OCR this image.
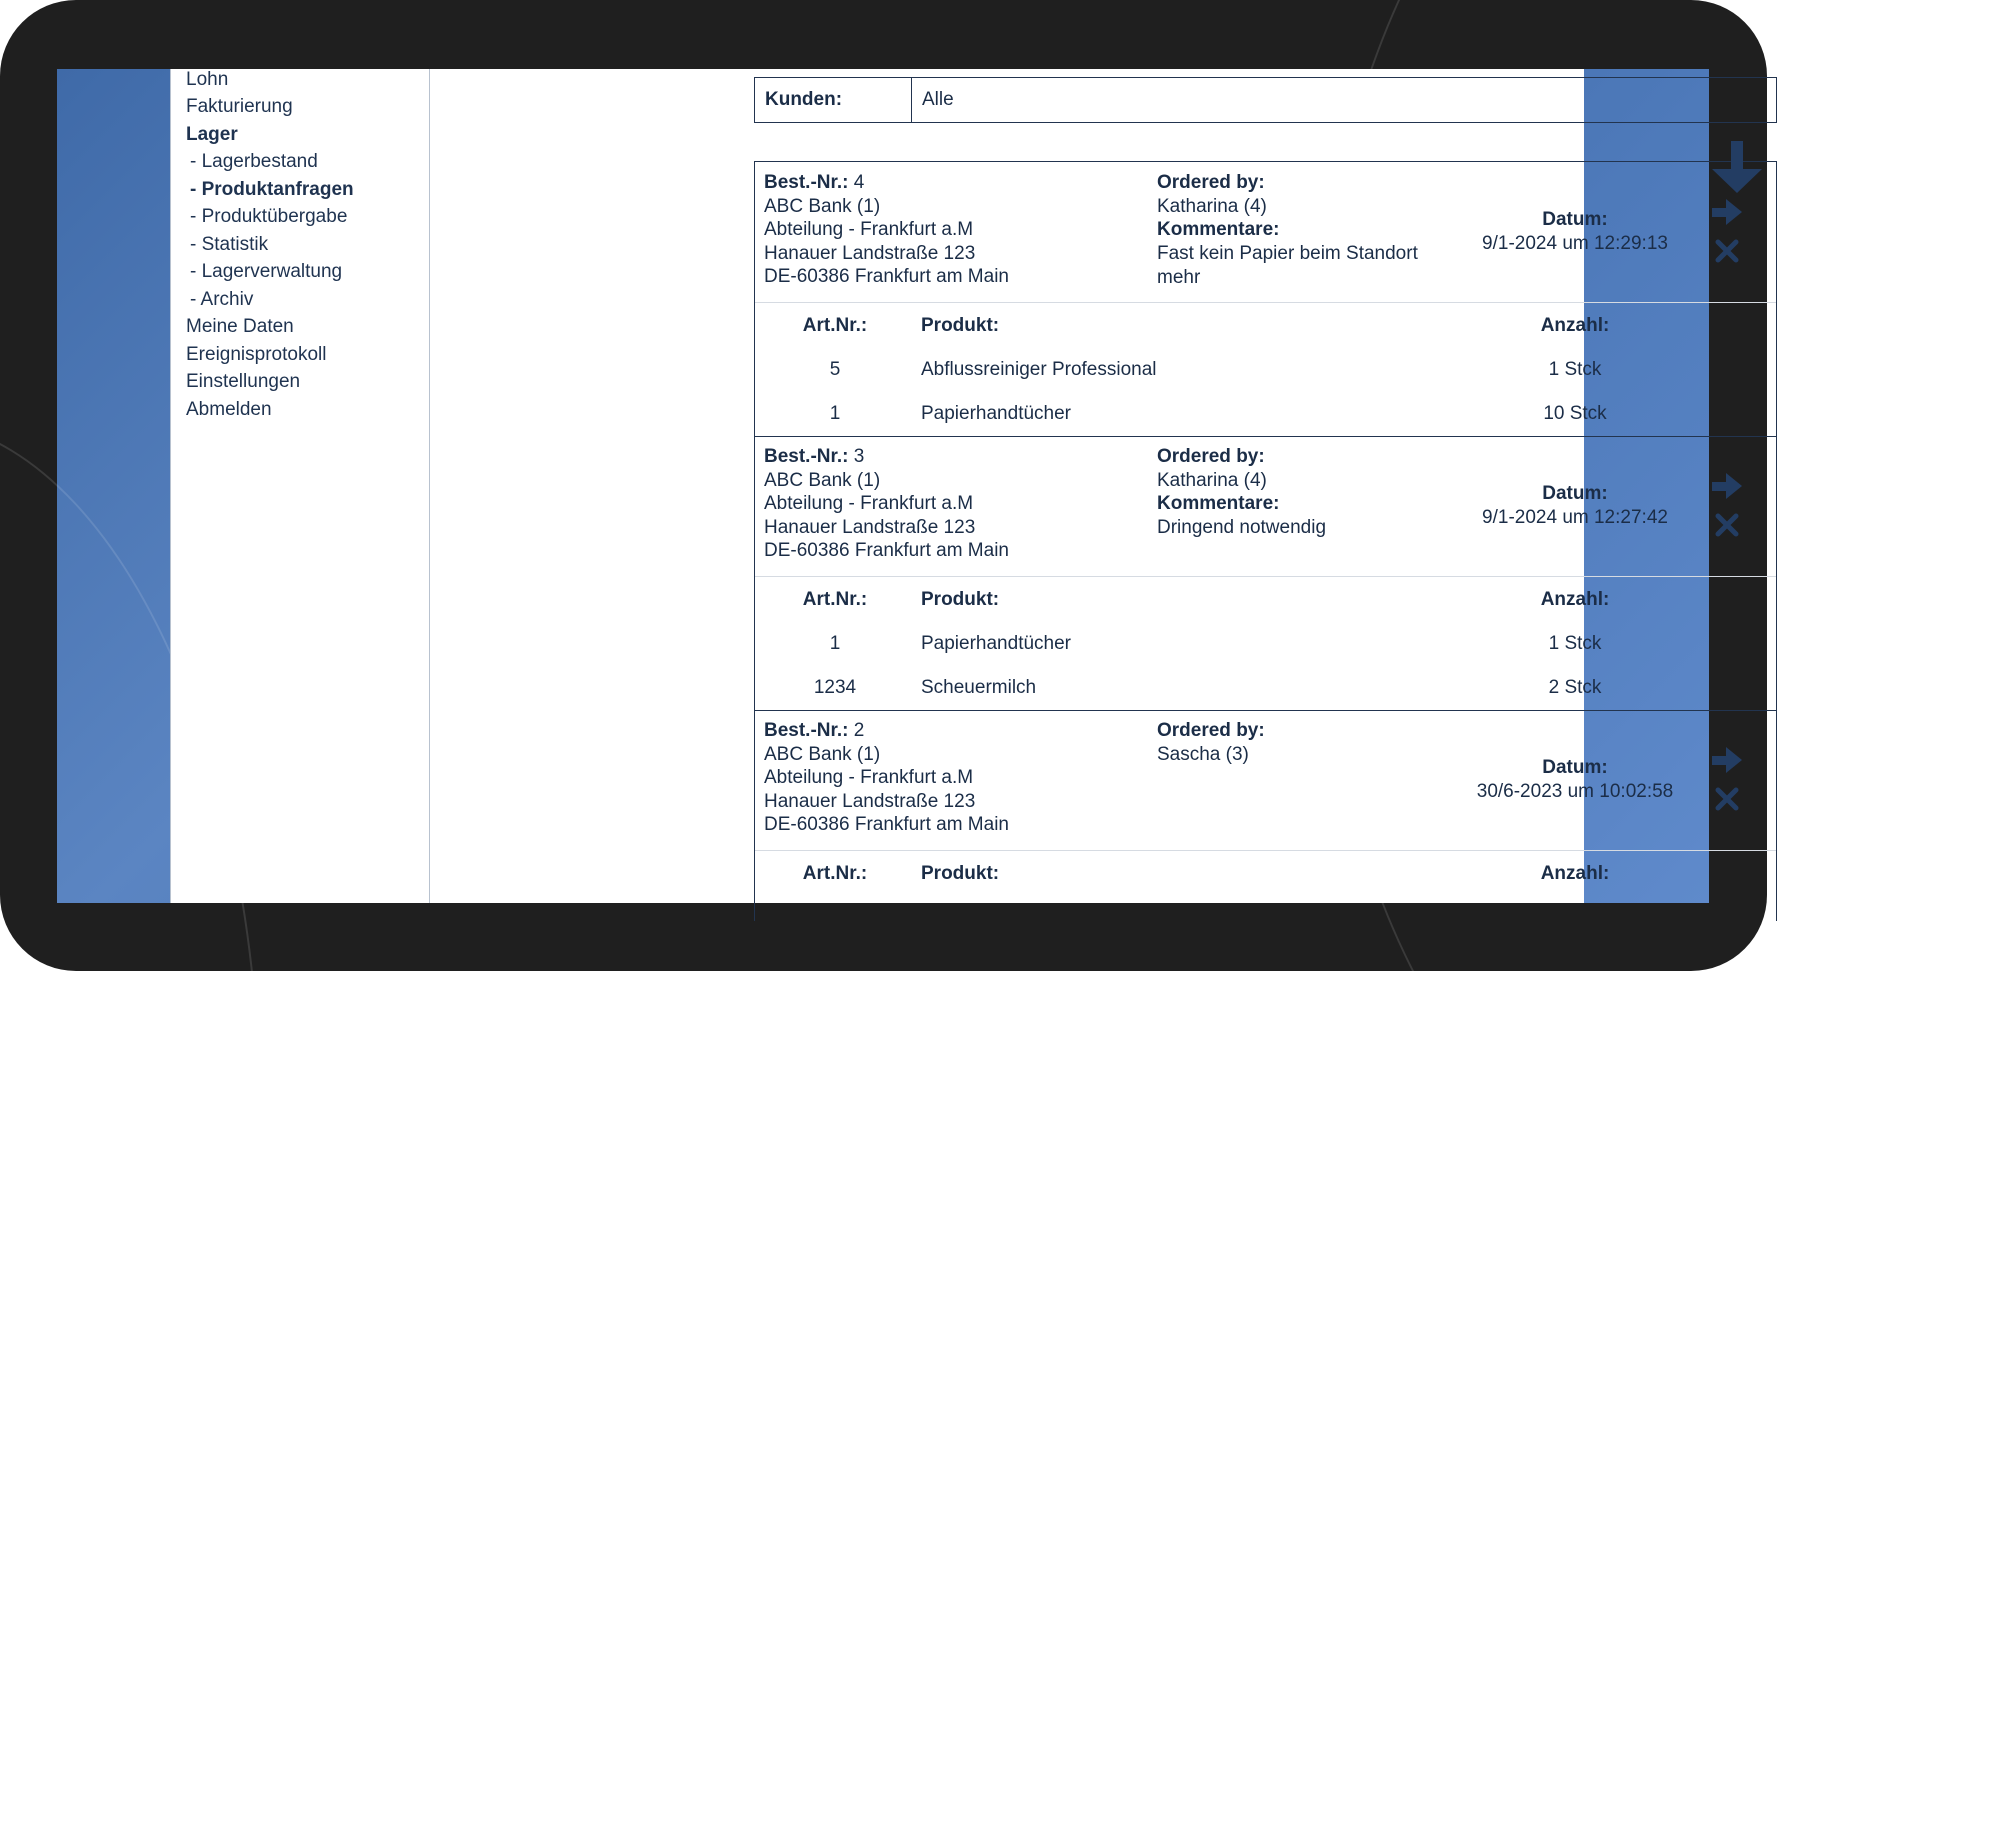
Lohn
Fakturierung
Lager
- Lagerbestand
- Produktanfragen
- Produktübergabe
- Statistik
- Lagerverwaltung
- Archiv
Meine Daten
Ereignisprotokoll
Einstellungen
Abmelden
Kunden:	Alle
Best.-Nr.: 4
ABC Bank (1)
Abteilung - Frankfurt a.M
Hanauer Landstraße 123
DE-60386 Frankfurt am Main
Ordered by:
Katharina (4)
Kommentare:
Fast kein Papier beim Standort
mehr
Datum:
9/1-2024 um 12:29:13
Art.Nr.:	Produkt:	Anzahl:
5	Abflussreiniger Professional	1 Stck
1	Papierhandtücher	10 Stck
Best.-Nr.: 3
ABC Bank (1)
Abteilung - Frankfurt a.M
Hanauer Landstraße 123
DE-60386 Frankfurt am Main
Ordered by:
Katharina (4)
Kommentare:
Dringend notwendig
Datum:
9/1-2024 um 12:27:42
Art.Nr.:	Produkt:	Anzahl:
1	Papierhandtücher	1 Stck
1234	Scheuermilch	2 Stck
Best.-Nr.: 2
ABC Bank (1)
Abteilung - Frankfurt a.M
Hanauer Landstraße 123
DE-60386 Frankfurt am Main
Ordered by:
Sascha (3)
Datum:
30/6-2023 um 10:02:58
Art.Nr.:	Produkt:	Anzahl:
